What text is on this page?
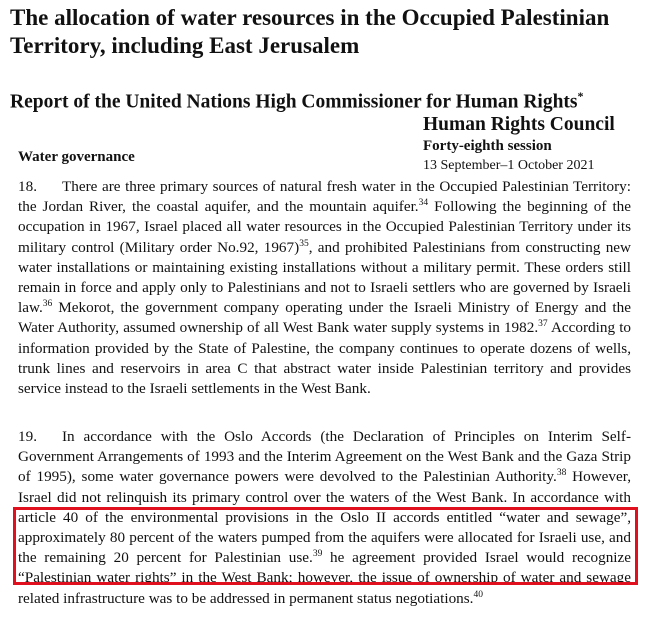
The allocation of water resources in the Occupied Palestinian Territory, including East Jerusalem
Report of the United Nations High Commissioner for Human Rights*
Human Rights Council
Forty-eighth session
13 September–1 October 2021
Water governance

18. There are three primary sources of natural fresh water in the Occupied Palestinian Territory: the Jordan River, the coastal aquifer, and the mountain aquifer.$^{34}$ Following the beginning of the occupation in 1967, Israel placed all water resources in the Occupied Palestinian Territory under its military control (Military order No.92, 1967)$^{35}$, and prohibited Palestinians from constructing new water installations or maintaining existing installations without a military permit. These orders still remain in force and apply only to Palestinians and not to Israeli settlers who are governed by Israeli law.$^{36}$ Mekorot, the government company operating under the Israeli Ministry of Energy and the Water Authority, assumed ownership of all West Bank water supply systems in 1982.37 According to information provided by the State of Palestine, the company continues to operate dozens of wells, trunk lines and reservoirs in area C that abstract water inside Palestinian territory and provides service instead to the Israeli settlements in the West Bank.

19. In accordance with the Oslo Accords (the Declaration of Principles on Interim Self-Government Arrangements of 1993 and the Interim Agreement on the West Bank and the Gaza Strip of 1995), some water governance powers were devolved to the Palestinian Authority.$^{38}$ However, Israel did not relinquish its primary control over the waters of the West Bank. In accordance with article 40 of the environmental provisions in the Oslo II accords entitled “water and sewage”, approximately 80 percent of the waters pumped from the aquifers were allocated for Israeli use, and the remaining 20 percent for Palestinian use.$^{39}$ he agreement provided Israel would recognize “Palestinian water rights” in the West Bank; however, the issue of ownership of water and sewage related infrastructure was to be addressed in permanent status negotiations.$^{40}$
